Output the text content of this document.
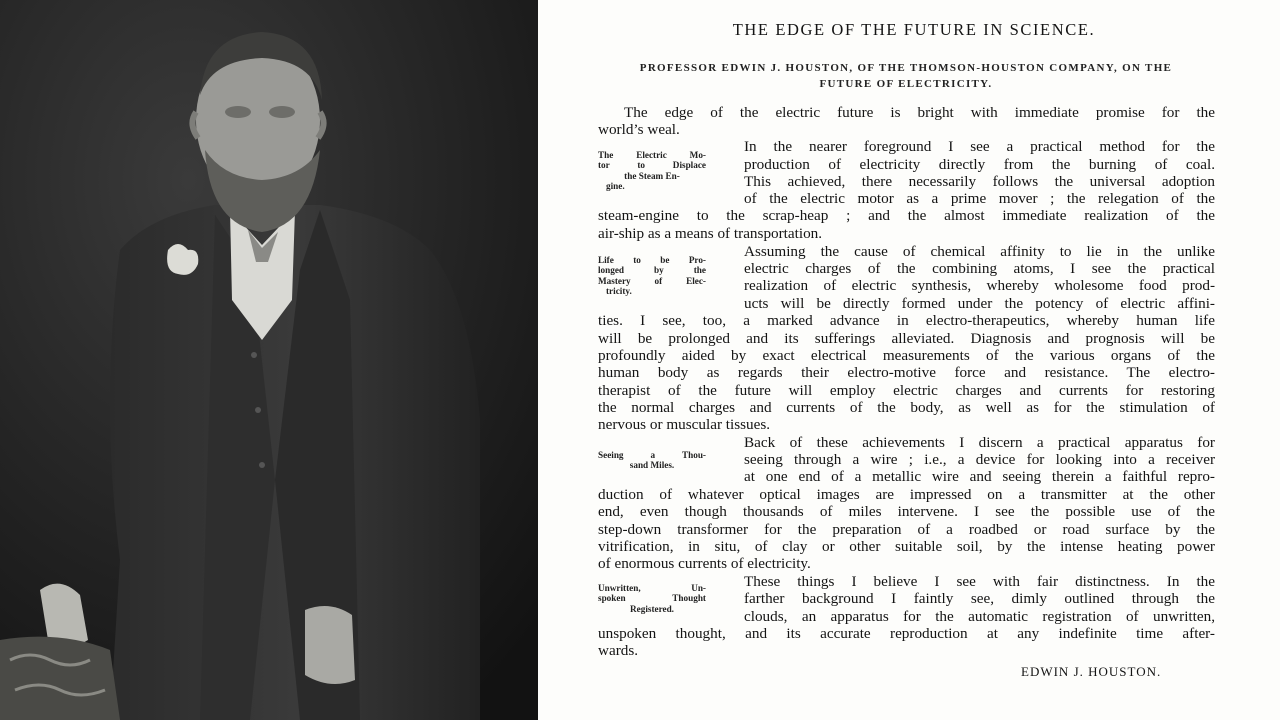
THE EDGE OF THE FUTURE IN SCIENCE.
PROFESSOR EDWIN J. HOUSTON, OF THE THOMSON-HOUSTON COMPANY, ON THE
FUTURE OF ELECTRICITY.
The edge of the electric future is bright with immediate promise for the
world’s weal.
In the nearer foreground I see a practical method for the
production of electricity directly from the burning of coal.
This achieved, there necessarily follows the universal adoption
of the electric motor as a prime mover ; the relegation of the
steam-engine to the scrap-heap ; and the almost immediate realization of the
air-ship as a means of transportation.
Assuming the cause of chemical affinity to lie in the unlike
electric charges of the combining atoms, I see the practical
realization of electric synthesis, whereby wholesome food prod-
ucts will be directly formed under the potency of electric affini-
ties. I see, too, a marked advance in electro-therapeutics, whereby human life
will be prolonged and its sufferings alleviated. Diagnosis and prognosis will be
profoundly aided by exact electrical measurements of the various organs of the
human body as regards their electro-motive force and resistance. The electro-
therapist of the future will employ electric charges and currents for restoring
the normal charges and currents of the body, as well as for the stimulation of
nervous or muscular tissues.
Back of these achievements I discern a practical apparatus for
seeing through a wire ; i.e., a device for looking into a receiver
at one end of a metallic wire and seeing therein a faithful repro-
duction of whatever optical images are impressed on a transmitter at the other
end, even though thousands of miles intervene. I see the possible use of the
step-down transformer for the preparation of a roadbed or road surface by the
vitrification, in situ, of clay or other suitable soil, by the intense heating power
of enormous currents of electricity.
These things I believe I see with fair distinctness. In the
farther background I faintly see, dimly outlined through the
clouds, an apparatus for the automatic registration of unwritten,
unspoken thought, and its accurate reproduction at any indefinite time after-
wards.
The Electric Mo-
tor to Displace
the Steam En-
gine.
Life to be Pro-
longed by the
Mastery of Elec-
tricity.
Seeing a Thou-
sand Miles.
Unwritten, Un-
spoken Thought
Registered.
EDWIN J. HOUSTON.
